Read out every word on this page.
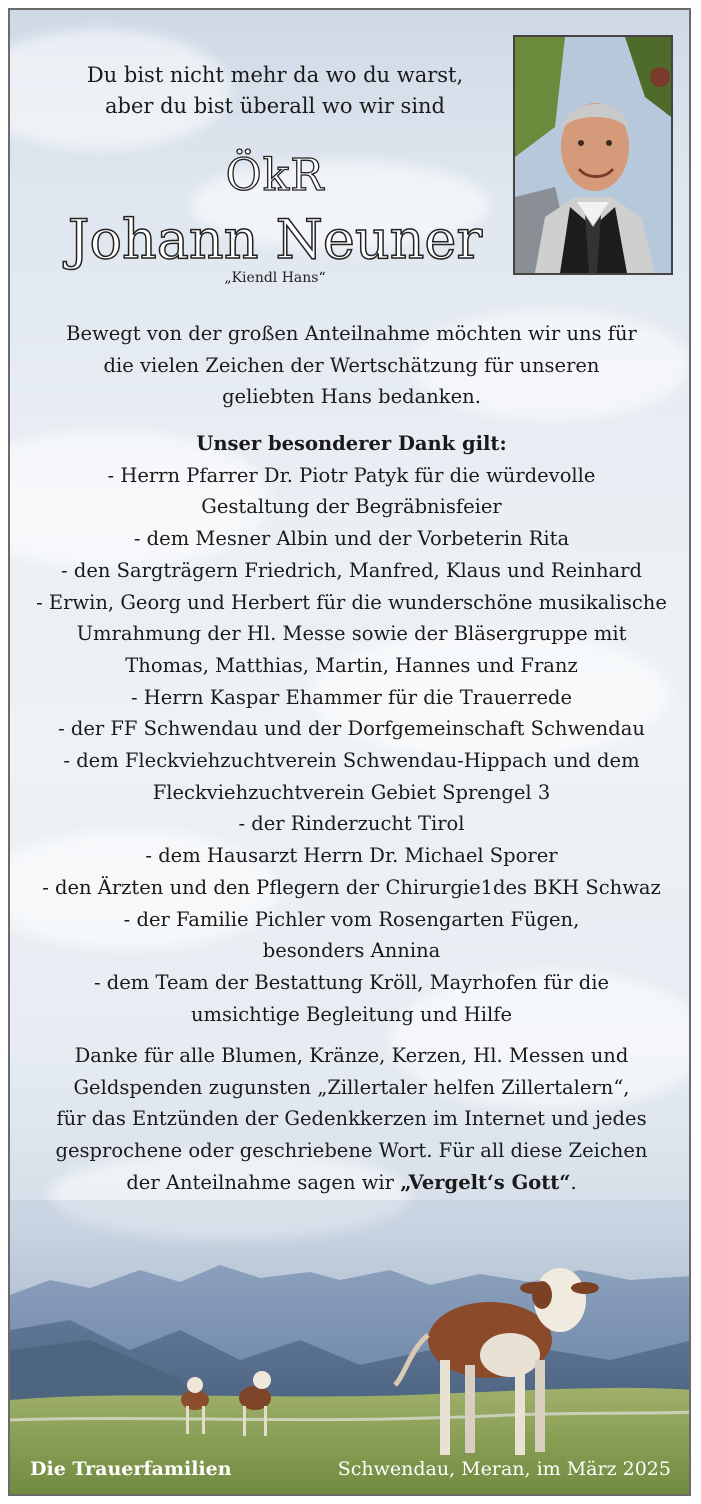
Du bist nicht mehr da wo du warst,
aber du bist überall wo wir sind
ÖkR
Johann Neuner
„Kiendl Hans“

Bewegt von der großen Anteilnahme möchten wir uns für

die vielen Zeichen der Wertschätzung für unseren

geliebten Hans bedanken.

Unser besonderer Dank gilt:

- Herrn Pfarrer Dr. Piotr Patyk für die würdevolle

Gestaltung der Begräbnisfeier

- dem Mesner Albin und der Vorbeterin Rita

- den Sargträgern Friedrich, Manfred, Klaus und Reinhard

- Erwin, Georg und Herbert für die wunderschöne musikalische

Umrahmung der Hl. Messe sowie der Bläsergruppe mit

Thomas, Matthias, Martin, Hannes und Franz

- Herrn Kaspar Ehammer für die Trauerrede

- der FF Schwendau und der Dorfgemeinschaft Schwendau

- dem Fleckviehzuchtverein Schwendau-Hippach und dem

Fleckviehzuchtverein Gebiet Sprengel 3

- der Rinderzucht Tirol

- dem Hausarzt Herrn Dr. Michael Sporer

- den Ärzten und den Pflegern der Chirurgie1des BKH Schwaz

- der Familie Pichler vom Rosengarten Fügen,

besonders Annina

- dem Team der Bestattung Kröll, Mayrhofen für die

umsichtige Begleitung und Hilfe

Danke für alle Blumen, Kränze, Kerzen, Hl. Messen und

Geldspenden zugunsten „Zillertaler helfen Zillertalern“,

für das Entzünden der Gedenkkerzen im Internet und jedes

gesprochene oder geschriebene Wort. Für all diese Zeichen

der Anteilnahme sagen wir „Vergelt‘s Gott“.

Die Trauerfamilien	Schwendau, Meran, im März 2025
